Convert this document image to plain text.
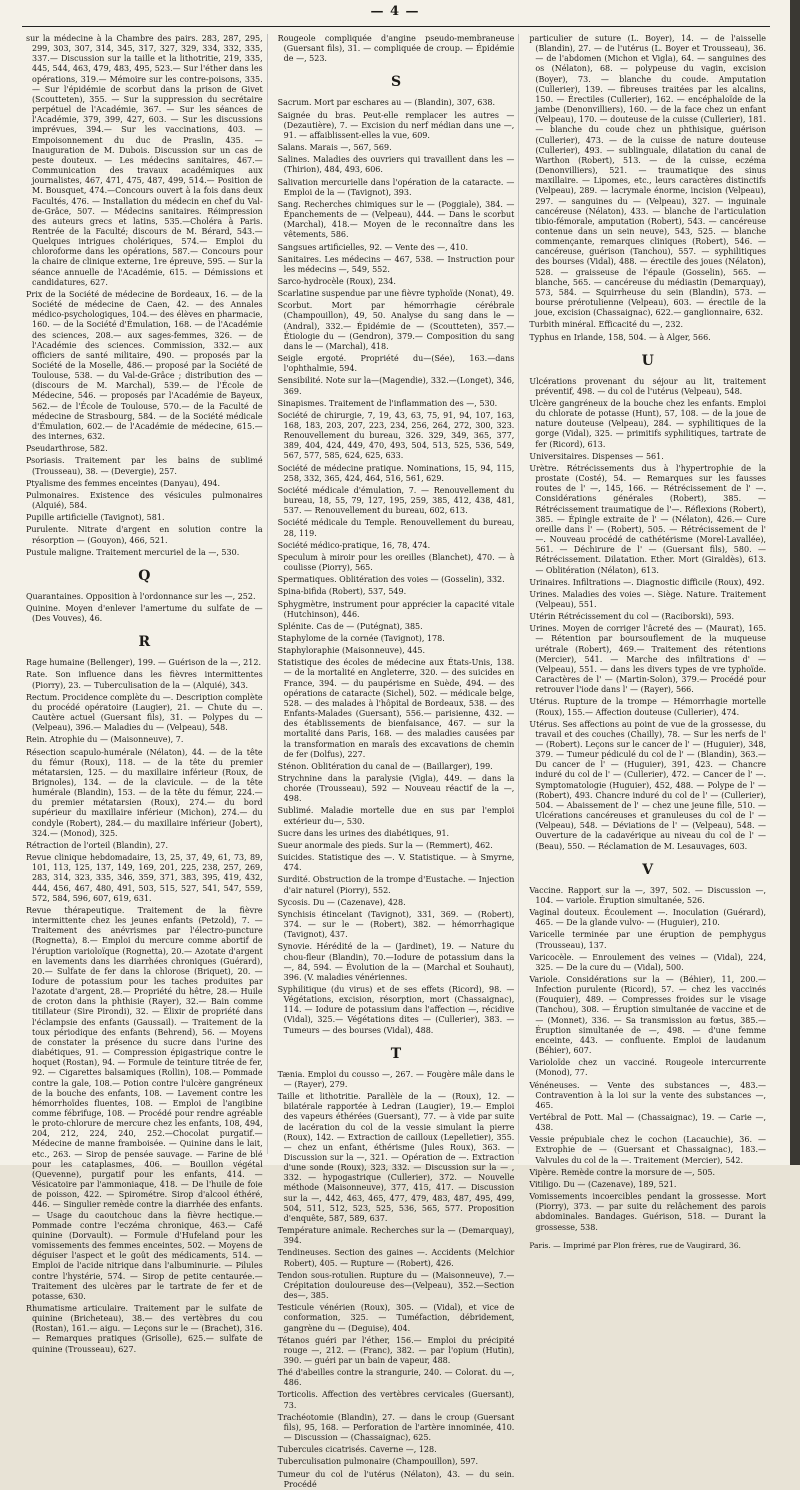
— 4 —

sur la médecine à la Chambre des pairs. 283, 287, 295, 299, 303, 307, 314, 345, 317, 327, 329, 334, 332, 335, 337.— Discussion sur la taille et la lithotritie, 219, 335, 445, 544, 463, 479, 483, 495, 523.— Sur l'éther dans les opérations, 319.— Mémoire sur les contre-poisons, 335. — Sur l'épidémie de scorbut dans la prison de Givet (Scoutteten), 355. — Sur la suppression du secrétaire perpétuel de l'Académie, 367. — Sur les séances de l'Académie, 379, 399, 427, 603. — Sur les discussions imprévues, 394.— Sur les vaccinations, 403. — Empoisonnement du duc de Praslin, 435. — Inauguration de M. Dubois. Discussion sur un cas de peste douteux. — Les médecins sanitaires, 467.—Communication des travaux académiques aux journalistes, 467, 471, 475, 487, 499, 514.— Position de M. Bousquet, 474.—Concours ouvert à la fois dans deux Facultés, 476. — Installation du médecin en chef du Val-de-Grâce, 507. — Médecins sanitaires. Réimpression des auteurs grecs et latins, 535.—Choléra à Paris. Rentrée de la Faculté; discours de M. Bérard, 543.— Quelques intrigues cholériques, 574.— Emploi du chloroforme dans les opérations, 587.— Concours pour la chaire de clinique externe, 1re épreuve, 595. — Sur la séance annuelle de l'Académie, 615. — Démissions et candidatures, 627.

Prix de la Société de médecine de Bordeaux, 16. — de la Société de médecine de Caen, 42. — des Annales médico-psychologiques, 104.— des élèves en pharmacie, 160. — de la Société d'Émulation, 168. — de l'Académie des sciences, 208.— aux sages-femmes, 326. — de l'Académie des sciences. Commission, 332.— aux officiers de santé militaire, 490. — proposés par la Société de la Moselle, 486.— proposé par la Société de Toulouse, 538. — du Val-de-Grâce ; distribution des — (discours de M. Marchal), 539.— de l'École de Médecine, 546. — proposés par l'Académie de Bayeux, 562.— de l'École de Toulouse, 570.— de la Faculté de médecine de Strasbourg, 584. — de la Société médicale d'Émulation, 602.— de l'Académie de médecine, 615.— des internes, 632.

Pseudarthrose, 582.

Psoriasis. Traitement par les bains de sublimé (Trousseau), 38. — (Devergie), 257.

Ptyalisme des femmes enceintes (Danyau), 494.

Pulmonaires. Existence des vésicules pulmonaires (Alquié), 584.

Pupille artificielle (Tavignot), 581.

Purulente. Nitrate d'argent en solution contre la résorption — (Gouyon), 466, 521.

Pustule maligne. Traitement mercuriel de la —, 530.

Q

Quarantaines. Opposition à l'ordonnance sur les —, 252.

Quinine. Moyen d'enlever l'amertume du sulfate de — (Des Vouves), 46.

R

Rage humaine (Bellenger), 199. — Guérison de la —, 212.

Rate. Son influence dans les fièvres intermittentes (Piorry), 23. — Tuberculisation de la — (Alquié), 343.

Rectum. Procidence complète du —. Description complète du procédé opératoire (Laugier), 21. — Chute du —. Cautère actuel (Guersant fils), 31. — Polypes du — (Velpeau), 396.— Maladies du — (Velpeau), 548.

Rein. Atrophie du — (Maisonneuve), 7.

Résection scapulo-humérale (Nélaton), 44. — de la tête du fémur (Roux), 118. — de la tête du premier métatarsien, 125. — du maxillaire inférieur (Roux, de Brignoles), 134. — de la clavicule. — de la tête humérale (Blandin), 153. — de la tête du fémur, 224.— du premier métatarsien (Roux), 274.— du bord supérieur du maxillaire inférieur (Michon), 274.— du condyle (Robert), 284.— du maxillaire inférieur (Jobert), 324.— (Monod), 325.

Rétraction de l'orteil (Blandin), 27.

Revue clinique hebdomadaire, 13, 25, 37, 49, 61, 73, 89, 101, 113, 125, 137, 149, 169, 201, 225, 238, 257, 269, 283, 314, 323, 335, 346, 359, 371, 383, 395, 419, 432, 444, 456, 467, 480, 491, 503, 515, 527, 541, 547, 559, 572, 584, 596, 607, 619, 631.

Revue thérapeutique. Traitement de la fièvre intermittente chez les jeunes enfants (Petzold), 7. — Traitement des anévrismes par l'électro-puncture (Rognetta), 8.— Emploi du mercure comme abortif de l'éruption varioloïque (Rognetta), 20.— Azotate d'argent en lavements dans les diarrhées chroniques (Guérard), 20.— Sulfate de fer dans la chlorose (Briquet), 20. — Iodure de potassium pour les taches produites par l'azotate d'argent, 28.— Propriété du hêtre, 28.— Huile de croton dans la phthisie (Rayer), 32.— Bain comme titillateur (Sire Pirondi), 32. — Élixir de propriété dans l'éclampsie des enfants (Gaussail). — Traitement de la toux périodique des enfants (Behrend), 56. — Moyens de constater la présence du sucre dans l'urine des diabétiques, 91. — Compression épigastrique contre le hoquet (Rostan), 94. — Formule de teinture titrée de fer, 92. — Cigarettes balsamiques (Rollin), 108.— Pommade contre la gale, 108.— Potion contre l'ulcère gangréneux de la bouche des enfants, 108. — Lavement contre les hémorrhoïdes fluentes, 108. — Emploi de l'angibine comme fébrifuge, 108. — Procédé pour rendre agréable le proto-chlorure de mercure chez les enfants, 108, 494, 204, 212, 224, 240, 252.—Chocolat purgatif.— Médecine de manne framboisée. — Quinine dans le lait, etc., 263. — Sirop de pensée sauvage. — Farine de blé pour les cataplasmes, 406. — Bouillon végétal (Quevenne), purgatif pour les enfants, 414. — Vésicatoire par l'ammoniaque, 418. — De l'huile de foie de poisson, 422. — Spirométre. Sirop d'alcool éthéré, 446. — Singulier remède contre la diarrhée des enfants.— Usage du caoutchouc dans la fièvre hectique.— Pommade contre l'eczéma chronique, 463.— Café quinine (Dorvault). — Formule d'Hufeland pour les vomissements des femmes enceintes, 502. — Moyens de déguiser l'aspect et le goût des médicaments, 514. — Emploi de l'acide nitrique dans l'albuminurie. — Pilules contre l'hystérie, 574. — Sirop de petite centaurée.— Traitement des ulcères par le tartrate de fer et de potasse, 630.

Rhumatisme articulaire. Traitement par le sulfate de quinine (Bricheteau), 38.— des vertèbres du cou (Rostan), 161.— aigu. — Leçons sur le — (Brachet), 316.— Remarques pratiques (Grisolle), 625.— sulfate de quinine (Trousseau), 627.

Rougeole compliquée d'angine pseudo-membraneuse (Guersant fils), 31. — compliquée de croup. — Épidémie de —, 523.

S

Sacrum. Mort par eschares au — (Blandin), 307, 638.

Saignée du bras. Peut-elle remplacer les autres — (Dezautière), 7. — Excision du nerf médian dans une —, 91. — affaiblissent-elles la vue, 609.

Salans. Marais —, 567, 569.

Salines. Maladies des ouvriers qui travaillent dans les — (Thirion), 484, 493, 606.

Salivation mercurielle dans l'opération de la cataracte. — Emploi de la — (Tavignot), 393.

Sang. Recherches chimiques sur le — (Poggiale), 384. — Épanchements de — (Velpeau), 444. — Dans le scorbut (Marchal), 418.— Moyen de le reconnaître dans les vêtements, 586.

Sangsues artificielles, 92. — Vente des —, 410.

Sanitaires. Les médecins — 467, 538. — Instruction pour les médecins —, 549, 552.

Sarco-hydrocèle (Roux), 234.

Scarlatine suspendue par une fièvre typhoïde (Nonat), 49.

Scorbut. Mort par hémorrhagie cérébrale (Champouillon), 49, 50. Analyse du sang dans le — (Andral), 332.— Épidémie de — (Scoutteten), 357.— Étiologie du — (Gendron), 379.— Composition du sang dans le — (Marchal), 418.

Seigle ergoté. Propriété du—(Sée), 163.—dans l'ophthalmie, 594.

Sensibilité. Note sur la—(Magendie), 332.—(Longet), 346, 369.

Sinapismes. Traitement de l'inflammation des —, 530.

Société de chirurgie, 7, 19, 43, 63, 75, 91, 94, 107, 163, 168, 183, 203, 207, 223, 234, 256, 264, 272, 300, 323. Renouvellement du bureau, 326. 329, 349, 365, 377, 389, 404, 424, 449, 470, 493, 504, 513, 525, 536, 549, 567, 577, 585, 624, 625, 633.

Société de médecine pratique. Nominations, 15, 94, 115, 258, 332, 365, 424, 464, 516, 561, 629.

Société médicale d'émulation, 7. — Renouvellement du bureau, 18, 55, 79, 127, 195, 259, 385, 412, 438, 481, 537. — Renouvellement du bureau, 602, 613.

Société médicale du Temple. Renouvellement du bureau, 28, 119.

Société médico-pratique, 16, 78, 474.

Speculum à miroir pour les oreilles (Blanchet), 470. — à coulisse (Piorry), 565.

Spermatiques. Oblitération des voies — (Gosselin), 332.

Spina-bifida (Robert), 537, 549.

Sphygmètre, instrument pour apprécier la capacité vitale (Hutchinson), 446.

Splénite. Cas de — (Putégnat), 385.

Staphylome de la cornée (Tavignot), 178.

Staphyloraphie (Maisonneuve), 445.

Statistique des écoles de médecine aux États-Unis, 138. — de la mortalité en Angleterre, 320. — des suicides en France, 394. — du paupérisme en Suède, 494. — des opérations de cataracte (Sichel), 502. — médicale belge, 528. — des malades à l'hôpital de Bordeaux, 538. — des Enfants-Malades (Guersant), 556.— parisienne, 432. — des établissements de bienfaisance, 467. — sur la mortalité dans Paris, 168. — des maladies causées par la transformation en maraîs des excavations de chemin de fer (Dolfus), 227.

Sténon. Oblitération du canal de — (Baillarger), 199.

Strychnine dans la paralysie (Vigla), 449. — dans la chorée (Trousseau), 592 — Nouveau réactif de la —, 498.

Sublimé. Maladie mortelle due en sus par l'emploi extérieur du—, 530.

Sucre dans les urines des diabétiques, 91.

Sueur anormale des pieds. Sur la — (Remmert), 462.

Suicides. Statistique des —. V. Statistique. — à Smyrne, 474.

Surdité. Obstruction de la trompe d'Eustache. — Injection d'air naturel (Piorry), 552.

Sycosis. Du — (Cazenave), 428.

Synchisis étincelant (Tavignot), 331, 369. — (Robert), 374. — sur le — (Robert), 382. — hémorrhagique (Tavignot), 437.

Synovie. Hérédité de la — (Jardinet), 19. — Nature du chou-fleur (Blandin), 70.—Iodure de potassium dans la —, 84, 594. — Évolution de la — (Marchal et Souhaut), 396. (V. maladies vénériennes.

Syphilitique (du virus) et de ses effets (Ricord), 98. — Végétations, excision, résorption, mort (Chassaignac), 114. — Iodure de potassium dans l'affection —, récidive (Vidal), 325.— Végétations dites — (Cullerier), 383. — Tumeurs — des bourses (Vidal), 488.

T

Tænia. Emploi du cousso —, 267. — Fougère mâle dans le — (Rayer), 279.

Taille et lithotritie. Parallèle de la — (Roux), 12. — bilatérale rapportée à Ledran (Laugier), 19.— Emploi des vapeurs éthérées (Guersant), 77. — à vide par suite de lacération du col de la vessie simulant la pierre (Roux), 142. — Extraction de cailloux (Lepelletier), 355. — chez un enfant, éthérisme (Jules Roux), 363. — Discussion sur la —, 321. — Opération de —. Extraction d'une sonde (Roux), 323, 332. — Discussion sur la — , 332. — hypogastrique (Cullerier), 372. — Nouvelle méthode (Maisonneuve), 377, 415, 417. — Discussion sur la —, 442, 463, 465, 477, 479, 483, 487, 495, 499, 504, 511, 512, 523, 525, 536, 565, 577. Proposition d'enquête, 587, 589, 637.

Température animale. Recherches sur la — (Demarquay), 394.

Tendineuses. Section des gaines —. Accidents (Melchior Robert), 405. — Rupture — (Robert), 426.

Tendon sous-rotulien. Rupture du — (Maisonneuve), 7.— Crépitation douloureuse des—(Velpeau), 352.—Section des—, 385.

Testicule vénérien (Roux), 305. — (Vidal), et vice de conformation, 325. — Tuméfaction, débridement, gangrène du — (Deguise), 404.

Tétanos guéri par l'éther, 156.— Emploi du précipité rouge —, 212. — (Franc), 382. — par l'opium (Hutin), 390. — guéri par un bain de vapeur, 488.

Thé d'abeilles contre la strangurie, 240. — Colorat. du —, 486.

Torticolis. Affection des vertèbres cervicales (Guersant), 73.

Trachéotomie (Blandin), 27. — dans le croup (Guersant fils), 95, 168. — Perforation de l'artère innominée, 410. — Discussion — (Chassaignac), 625.

Tubercules cicatrisés. Caverne —, 128.

Tuberculisation pulmonaire (Champouillon), 597.

Tumeur du col de l'utérus (Nélaton), 43. — du sein. Procédé

particulier de suture (L. Boyer), 14. — de l'aisselle (Blandin), 27. — de l'utérus (L. Boyer et Trousseau), 36. — de l'abdomen (Michon et Vigla), 64. — sanguines des os (Nélaton), 68. — polypeuse du vagin, excision (Boyer), 73. — blanche du coude. Amputation (Cullerier), 139. — fibreuses traitées par les alcalins, 150. — Érectiles (Cullerier), 162. — encéphaloïde de la jambe (Denonvilliers), 160. — de la face chez un enfant (Velpeau), 170. — douteuse de la cuisse (Cullerier), 181. — blanche du coude chez un phthisique, guérison (Cullerier), 473. — de la cuisse de nature douteuse (Cullerier), 493. — sublinguale, dilatation du canal de Warthon (Robert), 513. — de la cuisse, eczéma (Denonvilliers), 521. — traumatique des sinus maxillaire. — Lipomes, etc., leurs caractères distinctifs (Velpeau), 289. — lacrymale énorme, incision (Velpeau), 297. — sanguines du — (Velpeau), 327. — inguinale cancéreuse (Nélaton), 433. — blanche de l'articulation tibio-fémorale, amputation (Robert), 543. — cancéreuse contenue dans un sein neuve), 543, 525. — blanche commençante, remarques cliniques (Robert), 546. — cancéreuse, guérison (Tanchou), 557. — syphilitiques des bourses (Vidal), 488. — érectile des joues (Nélaton), 528. — graisseuse de l'épaule (Gosselin), 565. — blanche, 565. — cancéreuse du médiastin (Demarquay), 573, 584. — Squirrheuse du sein (Blandin), 573. — bourse prérotulienne (Velpeau), 603. — érectile de la joue, excision (Chassaignac), 622.— ganglionnaire, 632.

Turbith minéral. Efficacité du —, 232.

Typhus en Irlande, 158, 504. — à Alger, 566.

U

Ulcérations provenant du séjour au lit, traitement préventif, 498. — du col de l'utérus (Velpeau), 548.

Ulcère gangréneux de la bouche chez les enfants. Emploi du chlorate de potasse (Hunt), 57, 108. — de la joue de nature douteuse (Velpeau), 284. — syphilitiques de la gorge (Vidal), 325. — primitifs syphilitiques, tartrate de fer (Ricord), 613.

Universitaires. Dispenses — 561.

Urètre. Rétrécissements dus à l'hypertrophie de la prostate (Costé), 54. — Remarques sur les fausses routes de l' —, 145, 166. — Rétrécissement de l' —. Considérations générales (Robert), 385. — Rétrécissement traumatique de l'—. Réflexions (Robert), 385. — Épingle extraite de l' — (Nélaton), 426.— Cure oreille dans l' — (Robert), 505. — Rétrécissement de l' —. Nouveau procédé de cathétérisme (Morel-Lavallée), 561. — Déchirure de l' — (Guersant fils), 580. — Rétrécissement. Dilatation. Ether. Mort (Giraldès), 613.— Oblitération (Nélaton), 613.

Urinaires. Infiltrations —. Diagnostic difficile (Roux), 492.

Urines. Maladies des voies —. Siège. Nature. Traitement (Velpeau), 551.

Utérin Rétrécissement du col — (Raciborski), 593.

Urines. Moyen de corriger l'âcreté des — (Maurat), 165. — Rétention par boursouflement de la muqueuse urétrale (Robert), 469.— Traitement des rétentions (Mercier), 541. — Marche des infiltrations d' — (Velpeau), 551. — dans les divers types de vre typhoïde. Caractères de l' — (Martin-Solon), 379.— Procédé pour retrouver l'iode dans l' — (Rayer), 566.

Utérus. Rupture de la trompe — Hémorrhagie mortelle (Roux), 155.— Affection douteuse (Cullerier), 474.

Utérus. Ses affections au point de vue de la grossesse, du travail et des couches (Chailly), 78. — Sur les nerfs de l' — (Robert). Leçons sur le cancer de l' — (Huguier), 348, 379. — Tumeur pédiculé du col de l' — (Blandin), 363.— Du cancer de l' — (Huguier), 391, 423. — Chancre induré du col de l' — (Cullerier), 472. — Cancer de l' —. Symptomatologie (Huguier), 452, 488. — Polype de l' — (Robert), 493. Chancre induré du col de l' — (Cullerier), 504. — Abaissement de l' — chez une jeune fille, 510. — Ulcérations cancéreuses et granuleuses du col de l' — (Velpeau), 548. — Déviations de l' — (Velpeau), 548. — Ouverture de la cadavérique au niveau du col de l' — (Beau), 550. — Réclamation de M. Lesauvages, 603.

V

Vaccine. Rapport sur la —, 397, 502. — Discussion —, 104. — variole. Éruption simultanée, 526.

Vaginal douteux. Écoulement —. Inoculation (Guérard), 465. — De la glande vulvo- — (Huguier), 210.

Varicelle terminée par une éruption de pemphygus (Trousseau), 137.

Varicocèle. — Enroulement des veines — (Vidal), 224, 325. — De la cure du — (Vidal), 500.

Variole. Considérations sur la — (Béhier), 11, 200.—Infection purulente (Ricord), 57. — chez les vaccinés (Fouquier), 489. — Compresses froides sur le visage (Tanchou), 308. — Éruption simultanée de vaccine et de — (Monnet), 336. — Sa transmission au fœtus, 385.— Éruption simultanée de —, 498. — d'une femme enceinte, 443. — confluente. Emploi de laudanum (Béhier), 607.

Varioloïde chez un vacciné. Rougeole intercurrente (Monod), 77.

Vénéneuses. — Vente des substances —, 483.— Contravention à la loi sur la vente des substances —, 465.

Vertébral de Pott. Mal — (Chassaignac), 19. — Carie —, 438.

Vessie prépubiale chez le cochon (Lacauchie), 36. — Extrophie de — (Guersant et Chassaignac), 183.— Valvules du col de la —. Traitement (Mercier), 542.

Vipère. Remède contre la morsure de —, 505.

Vitiligo. Du — (Cazenave), 189, 521.

Vomissements incoercibles pendant la grossesse. Mort (Piorry), 373. — par suite du relâchement des parois abdominales. Bandages. Guérison, 518. — Durant la grossesse, 538.

Paris. — Imprimé par Plon frères, rue de Vaugirard, 36.
